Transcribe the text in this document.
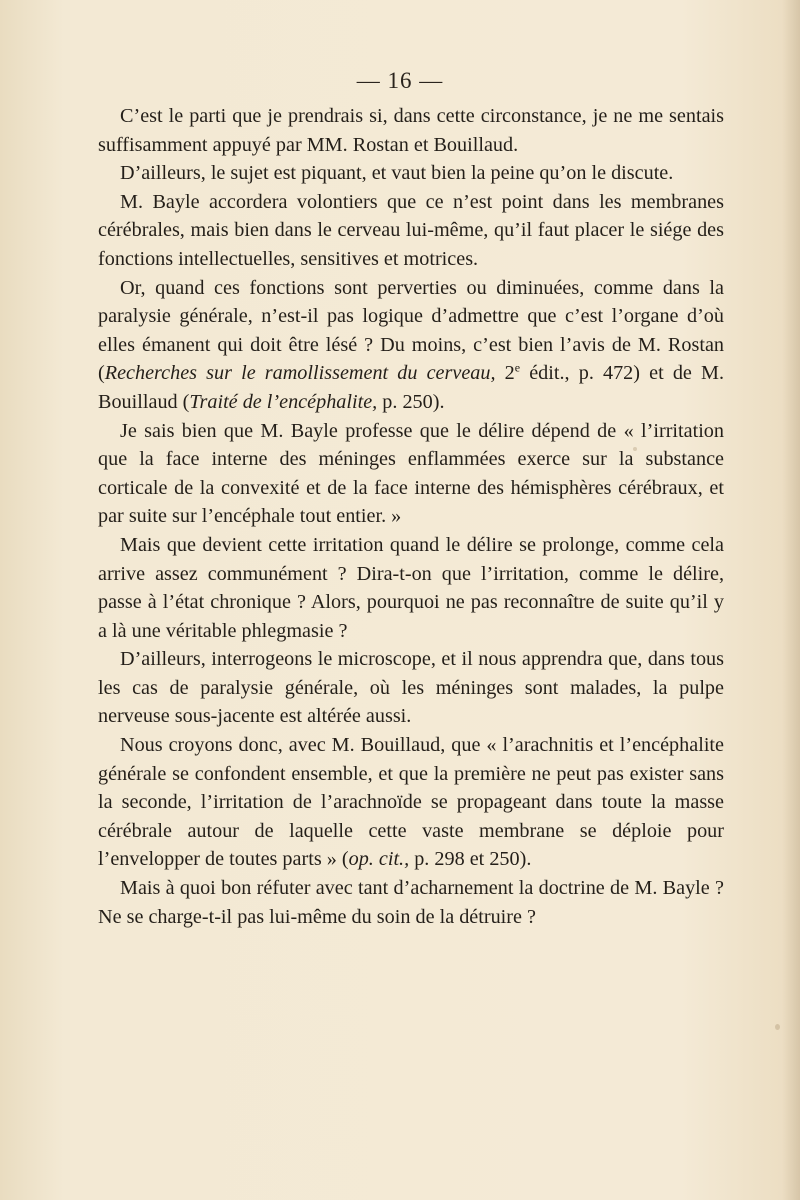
— 16 —

C’est le parti que je prendrais si, dans cette circonstance, je ne me sentais suffisamment appuyé par MM. Rostan et Bouillaud.

D’ailleurs, le sujet est piquant, et vaut bien la peine qu’on le discute.

M. Bayle accordera volontiers que ce n’est point dans les membranes cérébrales, mais bien dans le cerveau lui-même, qu’il faut placer le siége des fonctions intellectuelles, sensitives et motrices.

Or, quand ces fonctions sont perverties ou diminuées, comme dans la paralysie générale, n’est-il pas logique d’admettre que c’est l’organe d’où elles émanent qui doit être lésé ? Du moins, c’est bien l’avis de M. Rostan (Recherches sur le ramollissement du cerveau, 2e édit., p. 472) et de M. Bouillaud (Traité de l’encéphalite, p. 250).

Je sais bien que M. Bayle professe que le délire dépend de « l’irritation que la face interne des méninges enflammées exerce sur la substance corticale de la convexité et de la face interne des hémisphères cérébraux, et par suite sur l’encéphale tout entier. »

Mais que devient cette irritation quand le délire se prolonge, comme cela arrive assez communément ? Dira-t-on que l’irritation, comme le délire, passe à l’état chronique ? Alors, pourquoi ne pas reconnaître de suite qu’il y a là une véritable phlegmasie ?

D’ailleurs, interrogeons le microscope, et il nous apprendra que, dans tous les cas de paralysie générale, où les méninges sont malades, la pulpe nerveuse sous-jacente est altérée aussi.

Nous croyons donc, avec M. Bouillaud, que « l’arachnitis et l’encéphalite générale se confondent ensemble, et que la première ne peut pas exister sans la seconde, l’irritation de l’arachnoïde se propageant dans toute la masse cérébrale autour de laquelle cette vaste membrane se déploie pour l’envelopper de toutes parts » (op. cit., p. 298 et 250).

Mais à quoi bon réfuter avec tant d’acharnement la doctrine de M. Bayle ? Ne se charge-t-il pas lui-même du soin de la détruire ?
